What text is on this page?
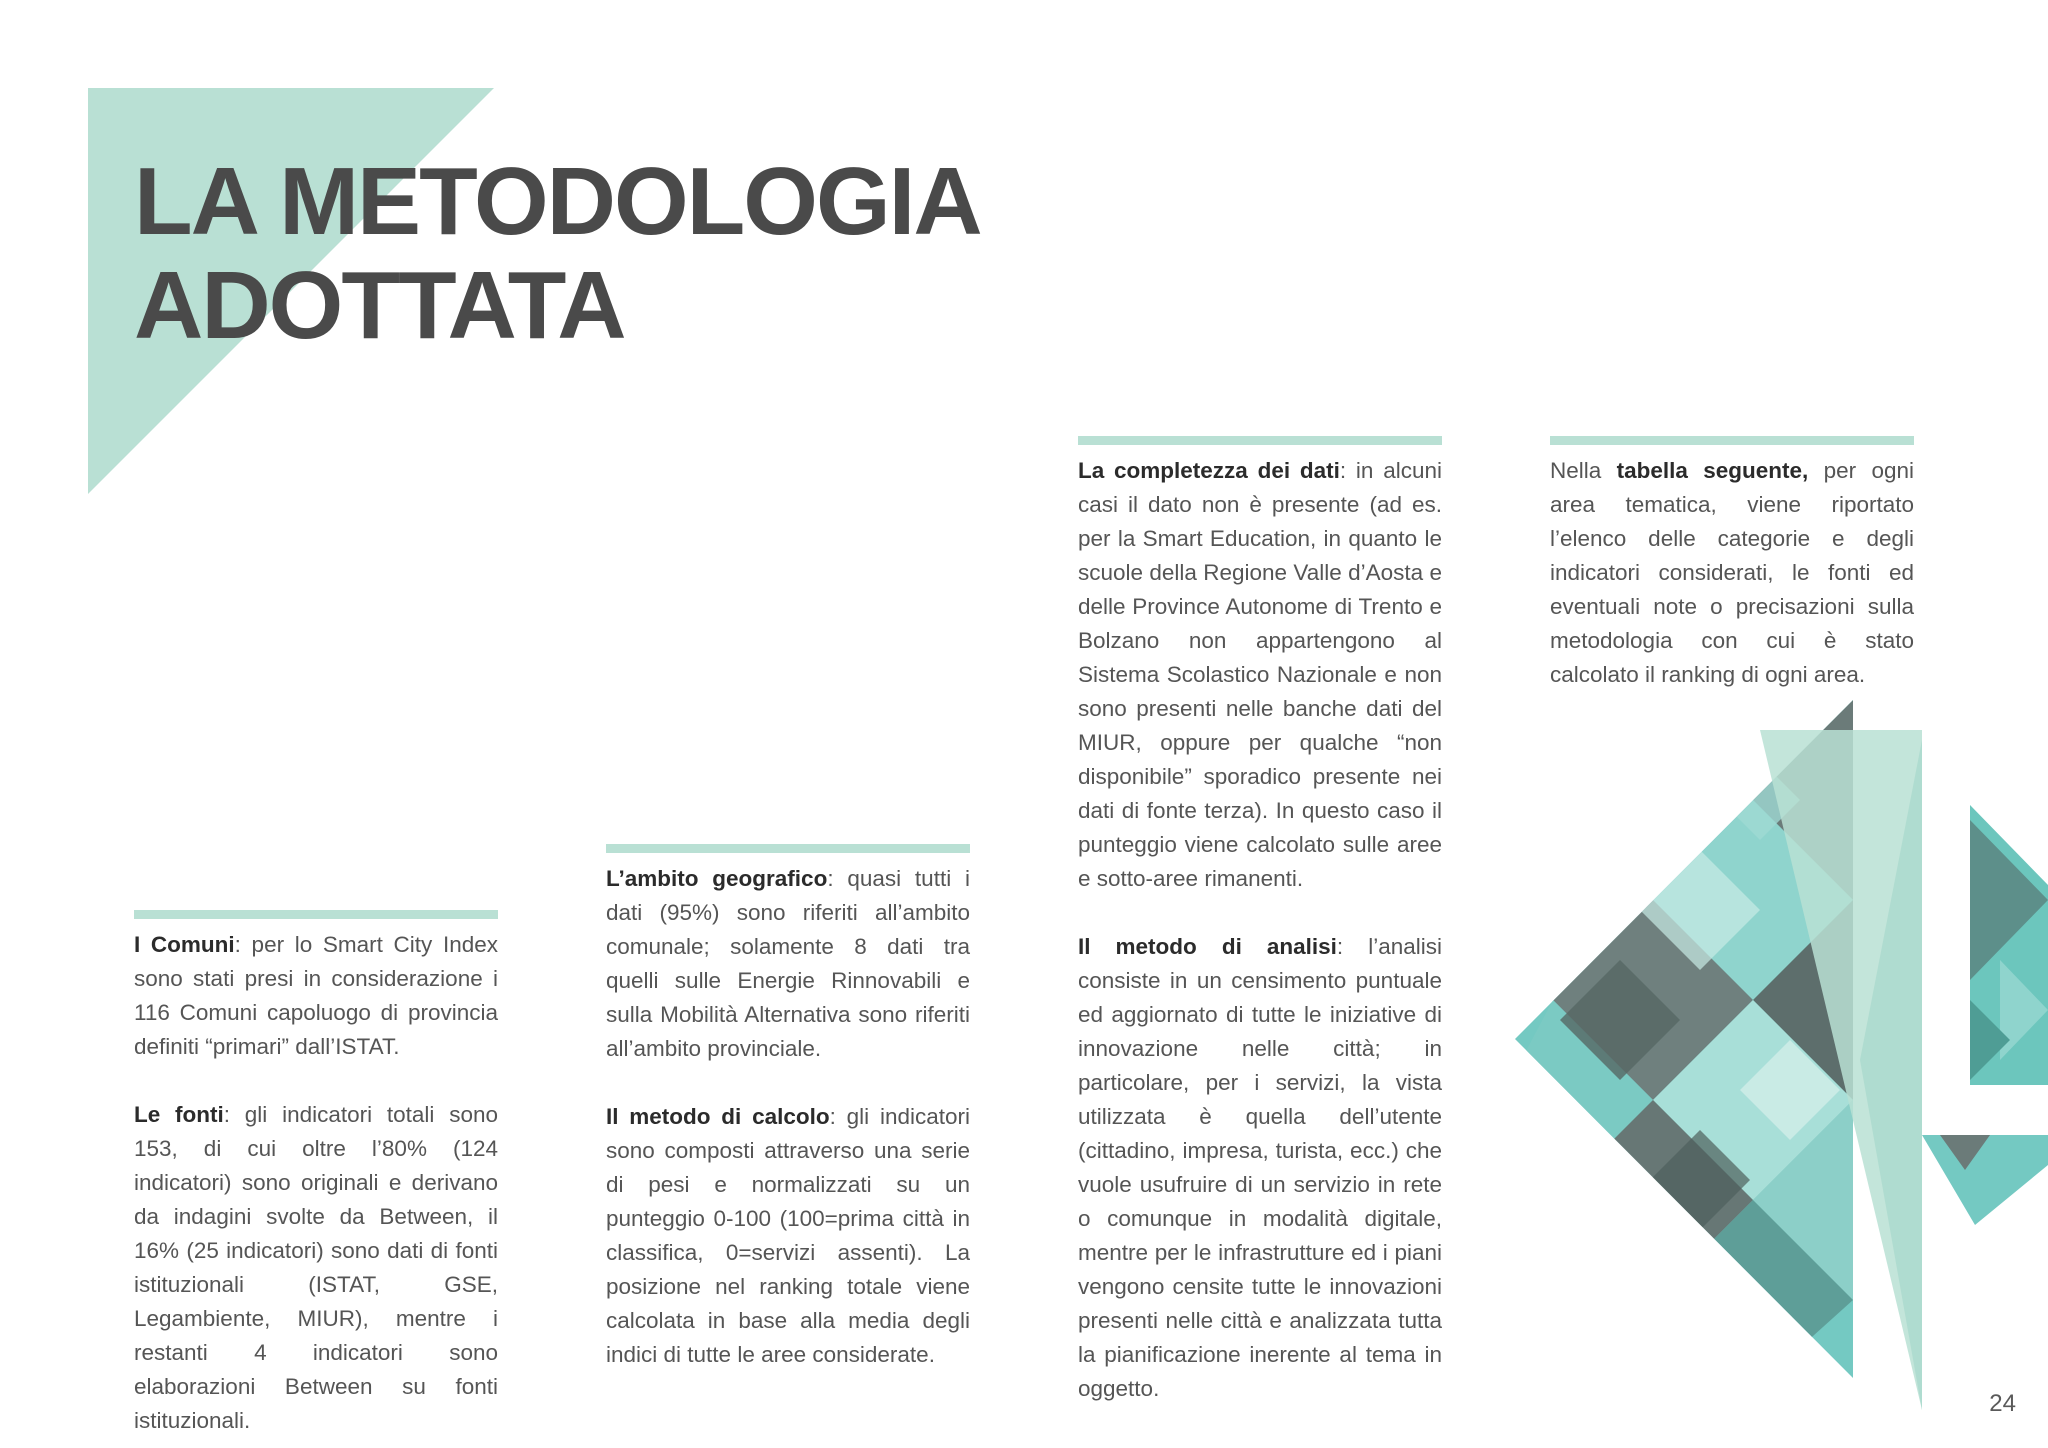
LA METODOLOGIA
ADOTTATA

I Comuni: per lo Smart City Index sono stati presi in considerazione i 116 Comuni capoluogo di provincia definiti “primari” dall’ISTAT.

Le fonti: gli indicatori totali sono 153, di cui oltre l’80% (124 indicatori) sono originali e derivano da indagini svolte da Between, il 16% (25 indicatori) sono dati di fonti istituzionali (ISTAT, GSE, Legambiente, MIUR), mentre i restanti 4 indicatori sono elaborazioni Between su fonti istituzionali.

L’ambito geografico: quasi tutti i dati (95%) sono riferiti all’ambito comunale; solamente 8 dati tra quelli sulle Energie Rinnovabili e sulla Mobilità Alternativa sono riferiti all’ambito provinciale.

Il metodo di calcolo: gli indicatori sono composti attraverso una serie di pesi e normalizzati su un punteggio 0-100 (100=prima città in classifica, 0=servizi assenti). La posizione nel ranking totale viene calcolata in base alla media degli indici di tutte le aree considerate.

La completezza dei dati: in alcuni casi il dato non è presente (ad es. per la Smart Education, in quanto le scuole della Regione Valle d’Aosta e delle Province Autonome di Trento e Bolzano non appartengono al Sistema Scolastico Nazionale e non sono presenti nelle banche dati del MIUR, oppure per qualche “non disponibile” sporadico presente nei dati di fonte terza). In questo caso il punteggio viene calcolato sulle aree e sotto-aree rimanenti.

Il metodo di analisi: l’analisi consiste in un censimento puntuale ed aggiornato di tutte le iniziative di innovazione nelle città; in particolare, per i servizi, la vista utilizzata è quella dell’utente (cittadino, impresa, turista, ecc.) che vuole usufruire di un servizio in rete o comunque in modalità digitale, mentre per le infrastrutture ed i piani vengono censite tutte le innovazioni presenti nelle città e analizzata tutta la pianificazione inerente al tema in oggetto.

Nella tabella seguente, per ogni area tematica, viene riportato l’elenco delle categorie e degli indicatori considerati, le fonti ed eventuali note o precisazioni sulla metodologia con cui è stato calcolato il ranking di ogni area.

24
